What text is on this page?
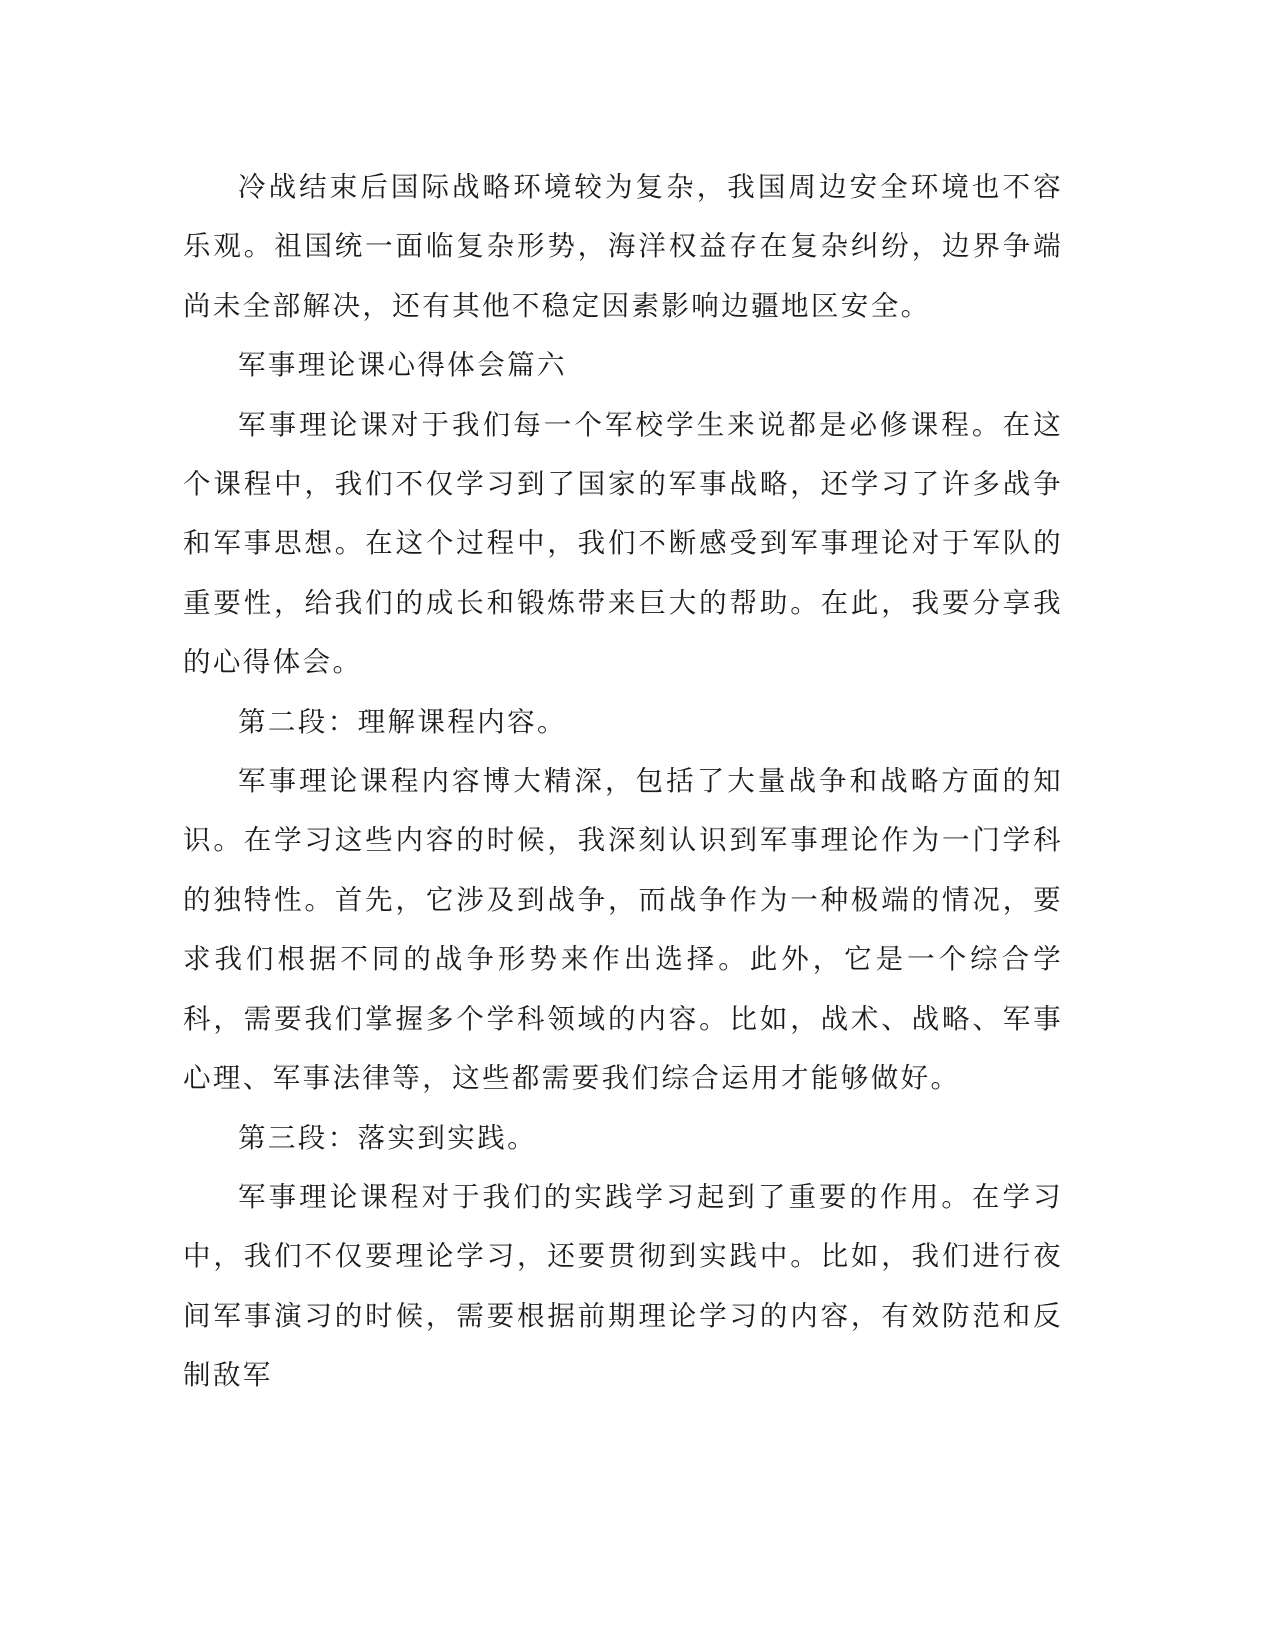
冷战结束后国际战略环境较为复杂，我国周边安全环境也不容乐观。祖国统一面临复杂形势，海洋权益存在复杂纠纷，边界争端尚未全部解决，还有其他不稳定因素影响边疆地区安全。

军事理论课心得体会篇六

军事理论课对于我们每一个军校学生来说都是必修课程。在这个课程中，我们不仅学习到了国家的军事战略，还学习了许多战争和军事思想。在这个过程中，我们不断感受到军事理论对于军队的重要性，给我们的成长和锻炼带来巨大的帮助。在此，我要分享我的心得体会。

第二段：理解课程内容。

军事理论课程内容博大精深，包括了大量战争和战略方面的知识。在学习这些内容的时候，我深刻认识到军事理论作为一门学科的独特性。首先，它涉及到战争，而战争作为一种极端的情况，要求我们根据不同的战争形势来作出选择。此外，它是一个综合学科，需要我们掌握多个学科领域的内容。比如，战术、战略、军事心理、军事法律等，这些都需要我们综合运用才能够做好。

第三段：落实到实践。

军事理论课程对于我们的实践学习起到了重要的作用。在学习中，我们不仅要理论学习，还要贯彻到实践中。比如，我们进行夜间军事演习的时候，需要根据前期理论学习的内容，有效防范和反制敌军
